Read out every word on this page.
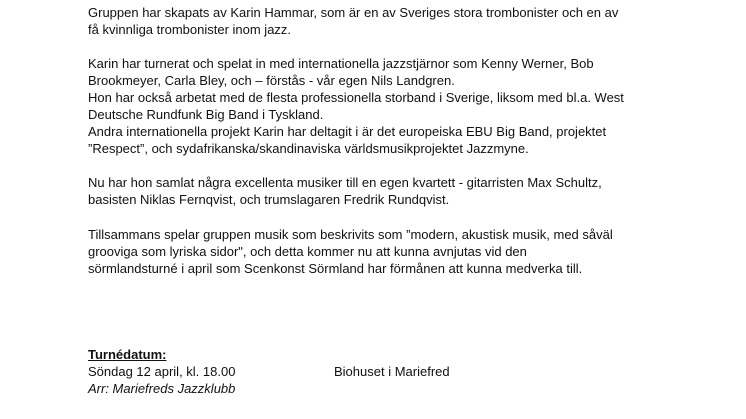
Gruppen har skapats av Karin Hammar, som är en av Sveriges stora trombonister och en av
få kvinnliga trombonister inom jazz.
Karin har turnerat och spelat in med internationella jazzstjärnor som Kenny Werner, Bob
Brookmeyer, Carla Bley, och – förstås - vår egen Nils Landgren.
Hon har också arbetat med de flesta professionella storband i Sverige, liksom med bl.a. West
Deutsche Rundfunk Big Band i Tyskland.
Andra internationella projekt Karin har deltagit i är det europeiska EBU Big Band, projektet
”Respect”, och sydafrikanska/skandinaviska världsmusikprojektet Jazzmyne.
Nu har hon samlat några excellenta musiker till en egen kvartett - gitarristen Max Schultz,
basisten Niklas Fernqvist, och trumslagaren Fredrik Rundqvist.
Tillsammans spelar gruppen musik som beskrivits som ”modern, akustisk musik, med såväl
grooviga som lyriska sidor", och detta kommer nu att kunna avnjutas vid den
sörmlandsturné i april som Scenkonst Sörmland har förmånen att kunna medverka till.
Turnédatum:
Söndag 12 april, kl. 18.00	Biohuset i Mariefred
Arr: Mariefreds Jazzklubb
